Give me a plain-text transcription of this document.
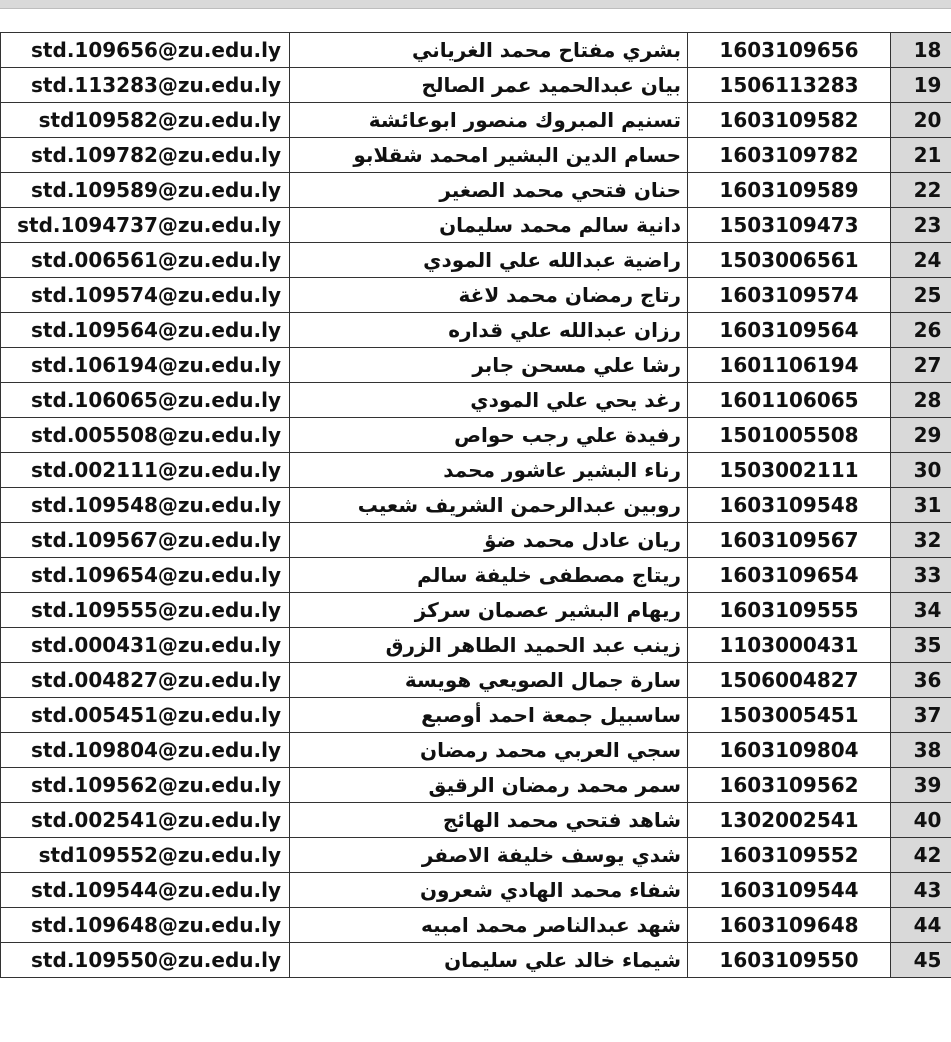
std.109656@zu.edu.ly	بشري مفتاح محمد الغرياني	1603109656	18
std.113283@zu.edu.ly	بيان عبدالحميد عمر الصالح	1506113283	19
std109582@zu.edu.ly	تسنيم المبروك منصور ابوعائشة	1603109582	20
std.109782@zu.edu.ly	حسام الدين البشير امحمد شقلابو	1603109782	21
std.109589@zu.edu.ly	حنان فتحي محمد الصغير	1603109589	22
std.1094737@zu.edu.ly	دانية سالم محمد سليمان	1503109473	23
std.006561@zu.edu.ly	راضية عبدالله علي المودي	1503006561	24
std.109574@zu.edu.ly	رتاج رمضان محمد لاغة	1603109574	25
std.109564@zu.edu.ly	رزان عبدالله علي قداره	1603109564	26
std.106194@zu.edu.ly	رشا علي مسحن جابر	1601106194	27
std.106065@zu.edu.ly	رغد يحي علي المودي	1601106065	28
std.005508@zu.edu.ly	رفيدة علي رجب حواص	1501005508	29
std.002111@zu.edu.ly	رناء البشير عاشور محمد	1503002111	30
std.109548@zu.edu.ly	روبين عبدالرحمن الشريف شعيب	1603109548	31
std.109567@zu.edu.ly	ريان عادل محمد ضؤ	1603109567	32
std.109654@zu.edu.ly	ريتاج مصطفى خليفة سالم	1603109654	33
std.109555@zu.edu.ly	ريهام البشير عصمان سركز	1603109555	34
std.000431@zu.edu.ly	زينب عبد الحميد الطاهر الزرق	1103000431	35
std.004827@zu.edu.ly	سارة جمال الصويعي هويسة	1506004827	36
std.005451@zu.edu.ly	ساسبيل جمعة احمد أوصبع	1503005451	37
std.109804@zu.edu.ly	سجي العربي محمد رمضان	1603109804	38
std.109562@zu.edu.ly	سمر محمد رمضان الرقيق	1603109562	39
std.002541@zu.edu.ly	شاهد فتحي محمد الهائج	1302002541	40
std109552@zu.edu.ly	شدي يوسف خليفة الاصفر	1603109552	42
std.109544@zu.edu.ly	شفاء محمد الهادي شعرون	1603109544	43
std.109648@zu.edu.ly	شهد عبدالناصر محمد امبيه	1603109648	44
std.109550@zu.edu.ly	شيماء خالد علي سليمان	1603109550	45
